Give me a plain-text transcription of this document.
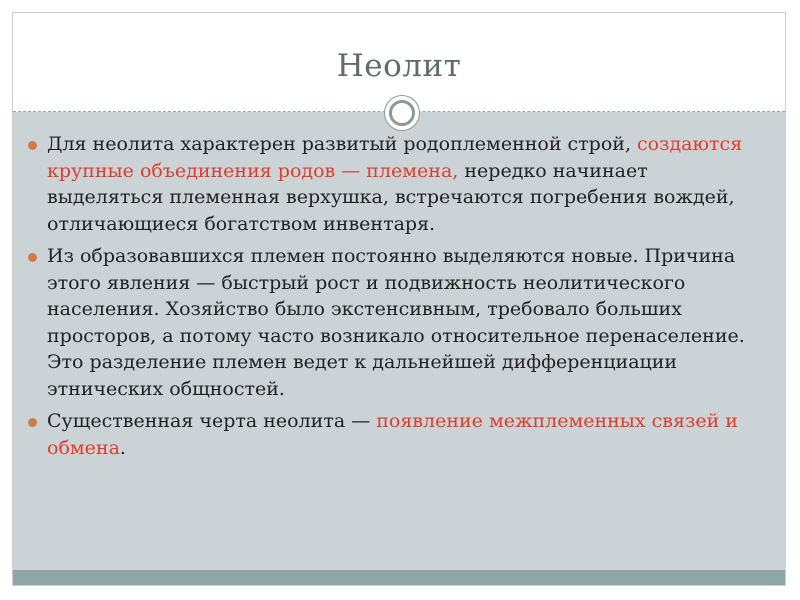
Неолит
Для неолита характерен развитый родоплеменной строй, создаются крупные объединения родов — племена, нередко начинает выделяться племенная верхушка, встречаются погребения вождей, отличающиеся богатством инвентаря.
Из образовавшихся племен постоянно выделяются новые. Причина этого явления — быстрый рост и подвижность неолитического населения. Хозяйство было экстенсивным, требовало больших просторов, а потому часто возникало относительное перенаселение. Это разделение племен ведет к дальнейшей дифференциации этнических общностей.
Существенная черта неолита — появление межплеменных связей и обмена.
